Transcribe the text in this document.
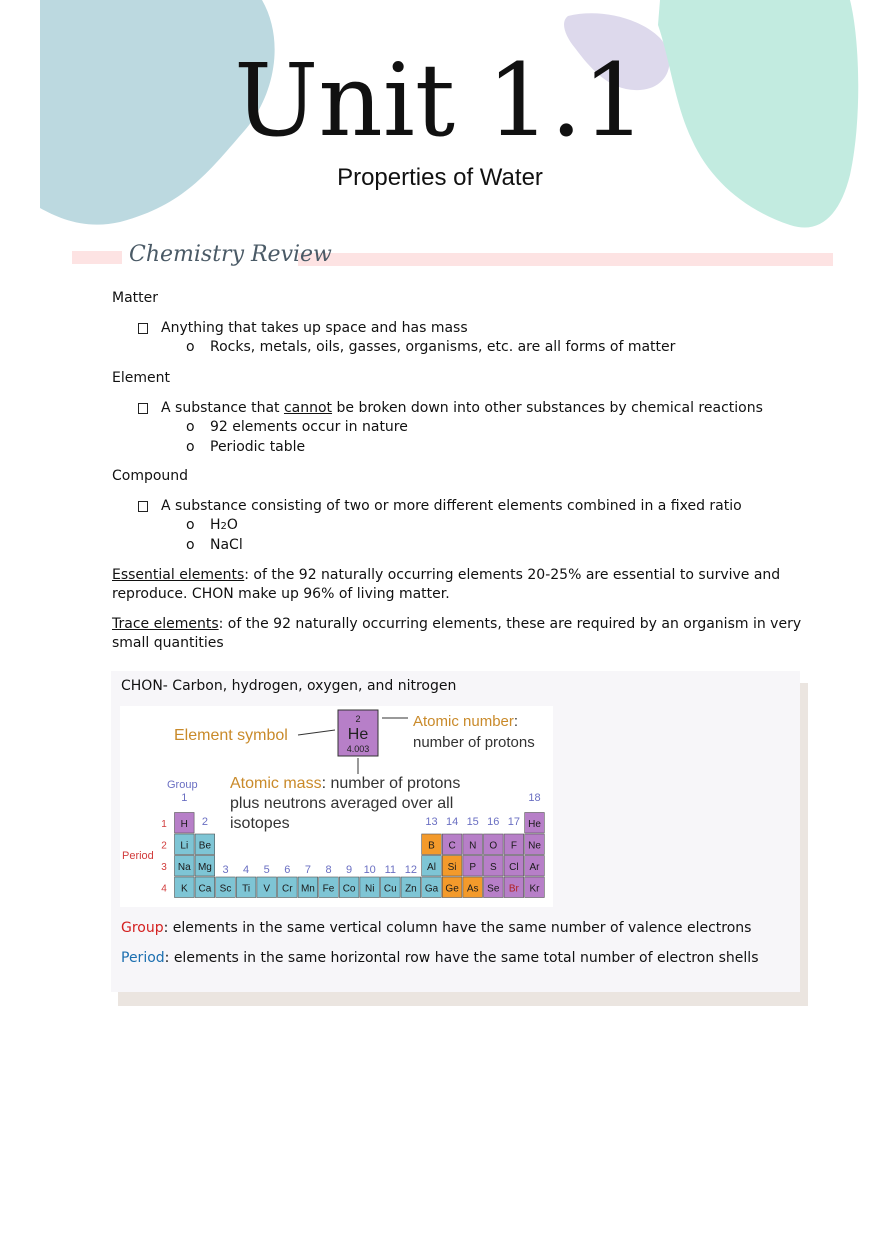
Unit 1.1
Properties of Water
Chemistry Review
Matter
Anything that takes up space and has mass
o Rocks, metals, oils, gasses, organisms, etc. are all forms of matter
Element
A substance that cannot be broken down into other substances by chemical reactions
o 92 elements occur in nature
o Periodic table
Compound
A substance consisting of two or more different elements combined in a fixed ratio
o H2O
o NaCl
Essential elements: of the 92 naturally occurring elements 20-25% are essential to survive and
reproduce. CHON make up 96% of living matter.
Trace elements: of the 92 naturally occurring elements, these are required by an organism in very
small quantities
CHON- Carbon, hydrogen, oxygen, and nitrogen
2
He
4.003
Element symbol
Atomic number:
number of protons
Atomic mass: number of protons
plus neutrons averaged over all
isotopes
Group
Period
1
2
3 4 5 6 7 8 9 10 11 12
13 14 15 16 17
18
1
2
3
4
H	He
Li Be	B C N O F Ne
Na Mg	Al Si P S Cl Ar
K Ca Sc Ti V Cr Mn Fe Co Ni Cu Zn Ga Ge As Se Br Kr
Group: elements in the same vertical column have the same number of valence electrons
Period: elements in the same horizontal row have the same total number of electron shells
